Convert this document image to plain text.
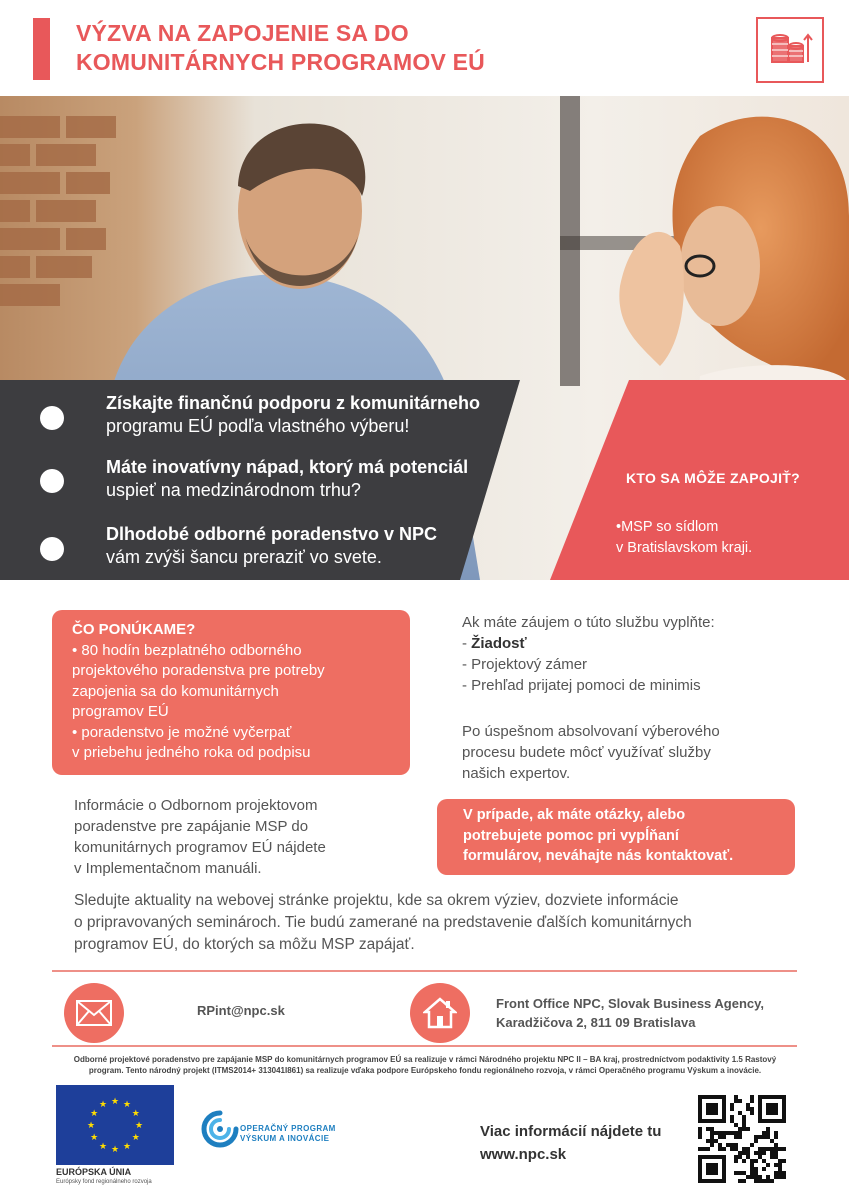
VÝZVA NA ZAPOJENIE SA DO
KOMUNITÁRNYCH PROGRAMOV EÚ
Získajte finančnú podporu z komunitárneho
programu EÚ podľa vlastného výberu!
Máte inovatívny nápad, ktorý má potenciál
uspieť na medzinárodnom trhu?
Dlhodobé odborné poradenstvo v NPC
vám zvýši šancu preraziť vo svete.
KTO SA MÔŽE ZAPOJIŤ?
•MSP so sídlom
v Bratislavskom kraji.
ČO PONÚKAME?
• 80 hodín bezplatného odborného
projektového poradenstva pre potreby
zapojenia sa do komunitárnych
programov EÚ
• poradenstvo je možné vyčerpať
v priebehu jedného roka od podpisu
Ak máte záujem o túto službu vyplňte:
- Žiadosť
- Projektový zámer
- Prehľad prijatej pomoci de minimis
Po úspešnom absolvovaní výberového
procesu budete môcť využívať služby
našich expertov.
Informácie o Odbornom projektovom
poradenstve pre zapájanie MSP do
komunitárnych programov EÚ nájdete
v Implementačnom manuáli.
V prípade, ak máte otázky, alebo
potrebujete pomoc pri vypĺňaní
formulárov, neváhajte nás kontaktovať.
Sledujte aktuality na webovej stránke projektu, kde sa okrem výziev, dozviete informácie
o pripravovaných seminároch. Tie budú zamerané na predstavenie ďalších komunitárnych
programov EÚ, do ktorých sa môžu MSP zapájať.
RPint@npc.sk	Front Office NPC, Slovak Business Agency,
Karadžičova 2, 811 09 Bratislava
Odborné projektové poradenstvo pre zapájanie MSP do komunitárnych programov EÚ sa realizuje v rámci Národného projektu NPC II – BA kraj, prostredníctvom podaktivity 1.5 Rastový
program. Tento národný projekt (ITMS2014+ 313041I861) sa realizuje vďaka podpore Európskeho fondu regionálneho rozvoja, v rámci Operačného programu Výskum a inovácie.
★
★
★
★
★
★
★
★
★ ★ ★
★
EURÓPSKA ÚNIA
Európsky fond regionálneho rozvoja
OPERAČNÝ PROGRAM
VÝSKUM A INOVÁCIE	Viac informácií nájdete tu
www.npc.sk
